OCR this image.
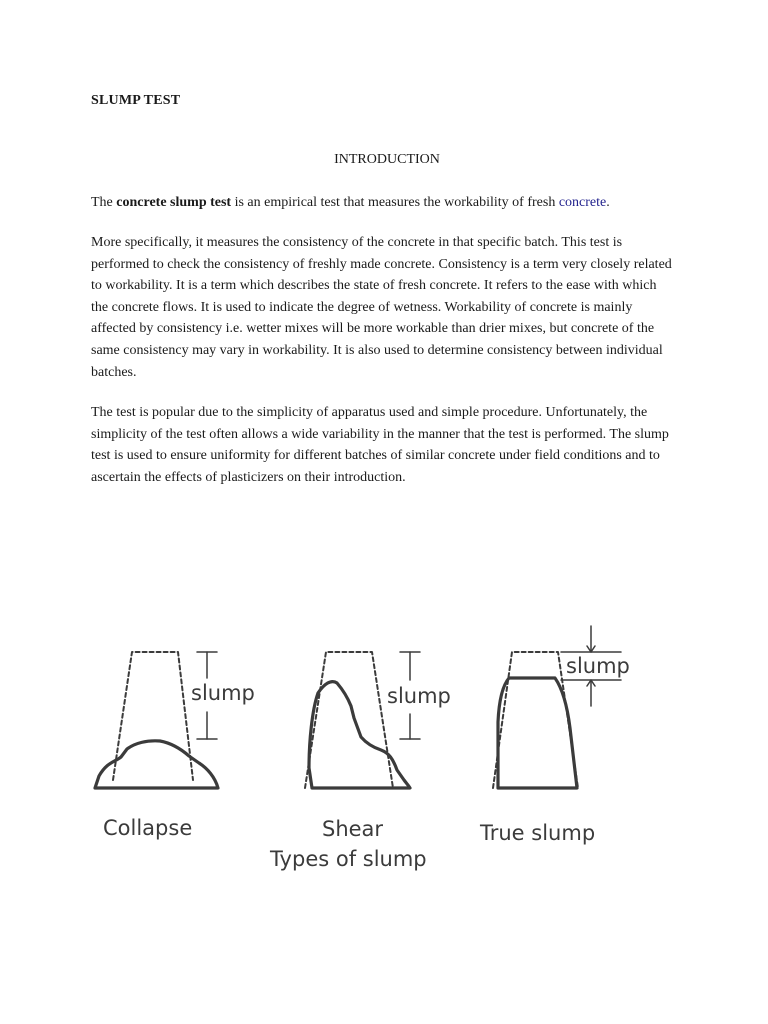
SLUMP TEST
INTRODUCTION

The concrete slump test is an empirical test that measures the workability of fresh concrete.

More specifically, it measures the consistency of the concrete in that specific batch. This test is performed to check the consistency of freshly made concrete. Consistency is a term very closely related to workability. It is a term which describes the state of fresh concrete. It refers to the ease with which the concrete flows. It is used to indicate the degree of wetness. Workability of concrete is mainly affected by consistency i.e. wetter mixes will be more workable than drier mixes, but concrete of the same consistency may vary in workability. It is also used to determine consistency between individual batches.

The test is popular due to the simplicity of apparatus used and simple procedure. Unfortunately, the simplicity of the test often allows a wide variability in the manner that the test is performed. The slump test is used to ensure uniformity for different batches of similar concrete under field conditions and to ascertain the effects of plasticizers on their introduction.

slump	slump
slump
Collapse	Shear	True slump
Types of slump
